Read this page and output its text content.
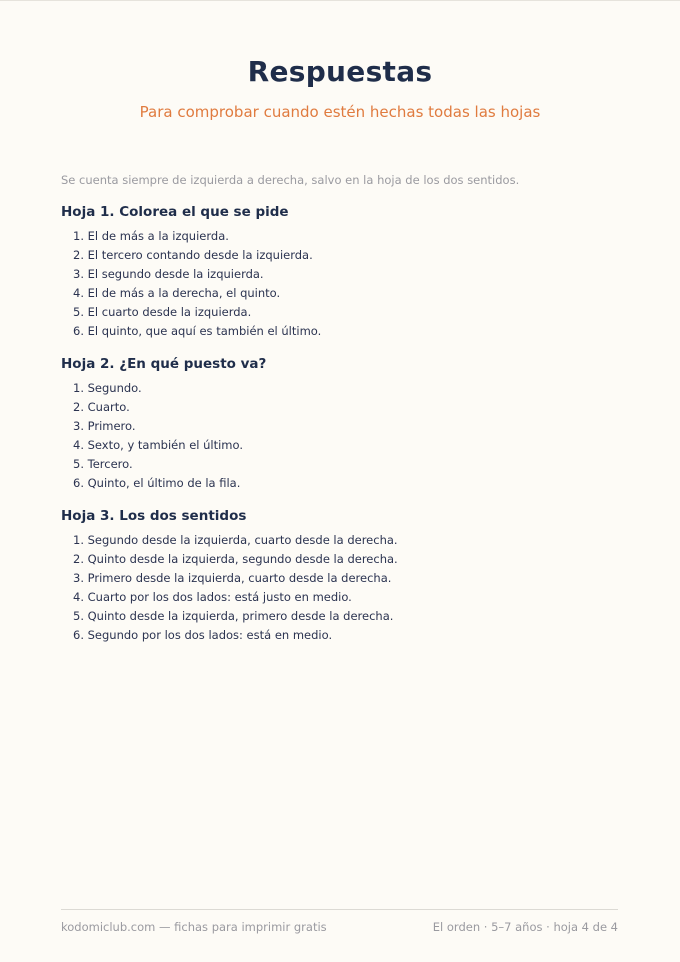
Respuestas

Para comprobar cuando estén hechas todas las hojas

Se cuenta siempre de izquierda a derecha, salvo en la hoja de los dos sentidos.

Hoja 1. Colorea el que se pide
1. El de más a la izquierda.
2. El tercero contando desde la izquierda.
3. El segundo desde la izquierda.
4. El de más a la derecha, el quinto.
5. El cuarto desde la izquierda.
6. El quinto, que aquí es también el último.
Hoja 2. ¿En qué puesto va?
1. Segundo.
2. Cuarto.
3. Primero.
4. Sexto, y también el último.
5. Tercero.
6. Quinto, el último de la fila.
Hoja 3. Los dos sentidos
1. Segundo desde la izquierda, cuarto desde la derecha.
2. Quinto desde la izquierda, segundo desde la derecha.
3. Primero desde la izquierda, cuarto desde la derecha.
4. Cuarto por los dos lados: está justo en medio.
5. Quinto desde la izquierda, primero desde la derecha.
6. Segundo por los dos lados: está en medio.
kodomiclub.com — fichas para imprimir gratis	El orden · 5–7 años · hoja 4 de 4
